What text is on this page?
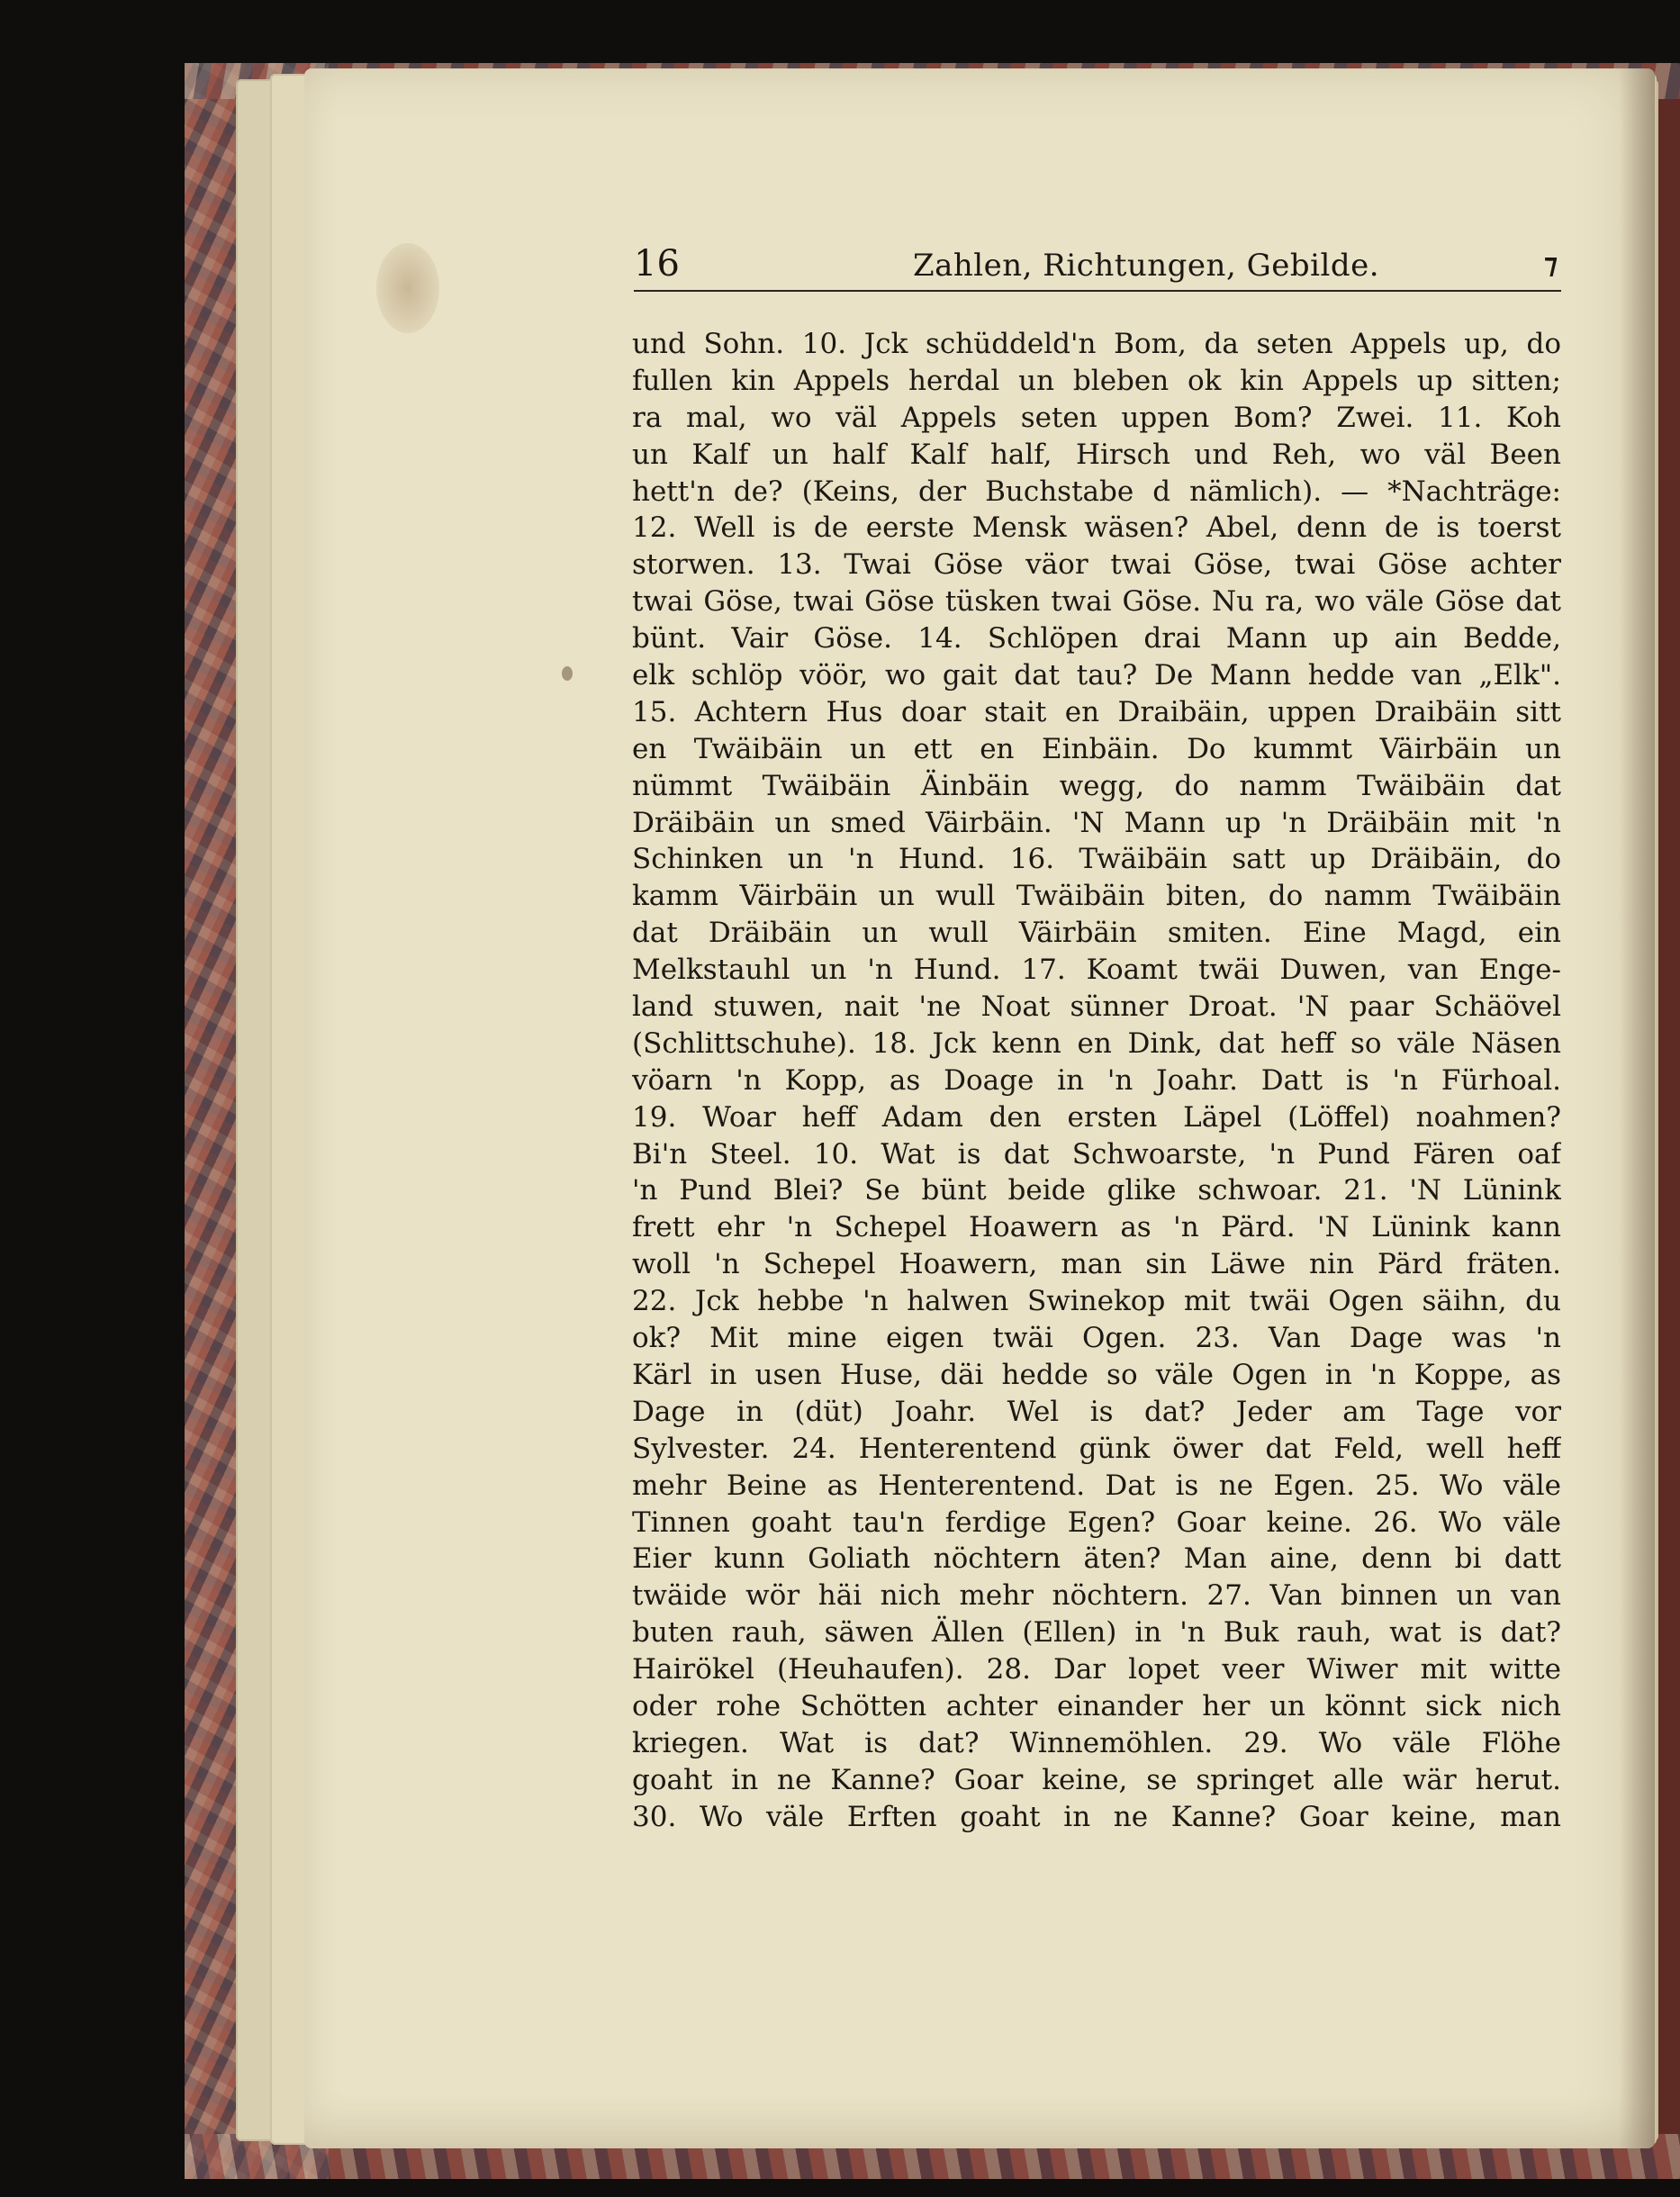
16	Zahlen, Richtungen, Gebilde.	⁊
und Sohn. 10. Jck schüddeld'n Bom, da seten Appels up, do
fullen kin Appels herdal un bleben ok kin Appels up sitten;
ra mal, wo väl Appels seten uppen Bom? Zwei. 11. Koh
un Kalf un half Kalf half, Hirsch und Reh, wo väl Been
hett'n de? (Keins, der Buchstabe d nämlich). — *Nachträge:
12. Well is de eerste Mensk wäsen? Abel, denn de is toerst
storwen. 13. Twai Göse väor twai Göse, twai Göse achter
twai Göse, twai Göse tüsken twai Göse. Nu ra, wo väle Göse dat
bünt. Vair Göse. 14. Schlöpen drai Mann up ain Bedde,
elk schlöp vöör, wo gait dat tau? De Mann hedde van „Elk".
15. Achtern Hus doar stait en Draibäin, uppen Draibäin sitt
en Twäibäin un ett en Einbäin. Do kummt Väirbäin un
nümmt Twäibäin Äinbäin wegg, do namm Twäibäin dat
Dräibäin un smed Väirbäin. 'N Mann up 'n Dräibäin mit 'n
Schinken un 'n Hund. 16. Twäibäin satt up Dräibäin, do
kamm Väirbäin un wull Twäibäin biten, do namm Twäibäin
dat Dräibäin un wull Väirbäin smiten. Eine Magd, ein
Melkstauhl un 'n Hund. 17. Koamt twäi Duwen, van Enge-
land stuwen, nait 'ne Noat sünner Droat. 'N paar Schäövel
(Schlittschuhe). 18. Jck kenn en Dink, dat heff so väle Näsen
vöarn 'n Kopp, as Doage in 'n Joahr. Datt is 'n Fürhoal.
19. Woar heff Adam den ersten Läpel (Löffel) noahmen?
Bi'n Steel. 10. Wat is dat Schwoarste, 'n Pund Fären oaf
'n Pund Blei? Se bünt beide glike schwoar. 21. 'N Lünink
frett ehr 'n Schepel Hoawern as 'n Pärd. 'N Lünink kann
woll 'n Schepel Hoawern, man sin Läwe nin Pärd fräten.
22. Jck hebbe 'n halwen Swinekop mit twäi Ogen säihn, du
ok? Mit mine eigen twäi Ogen. 23. Van Dage was 'n
Kärl in usen Huse, däi hedde so väle Ogen in 'n Koppe, as
Dage in (düt) Joahr. Wel is dat? Jeder am Tage vor
Sylvester. 24. Henterentend günk öwer dat Feld, well heff
mehr Beine as Henterentend. Dat is ne Egen. 25. Wo väle
Tinnen goaht tau'n ferdige Egen? Goar keine. 26. Wo väle
Eier kunn Goliath nöchtern äten? Man aine, denn bi datt
twäide wör häi nich mehr nöchtern. 27. Van binnen un van
buten rauh, säwen Ällen (Ellen) in 'n Buk rauh, wat is dat?
Hairökel (Heuhaufen). 28. Dar lopet veer Wiwer mit witte
oder rohe Schötten achter einander her un könnt sick nich
kriegen. Wat is dat? Winnemöhlen. 29. Wo väle Flöhe
goaht in ne Kanne? Goar keine, se springet alle wär herut.
30. Wo väle Erften goaht in ne Kanne? Goar keine, man
